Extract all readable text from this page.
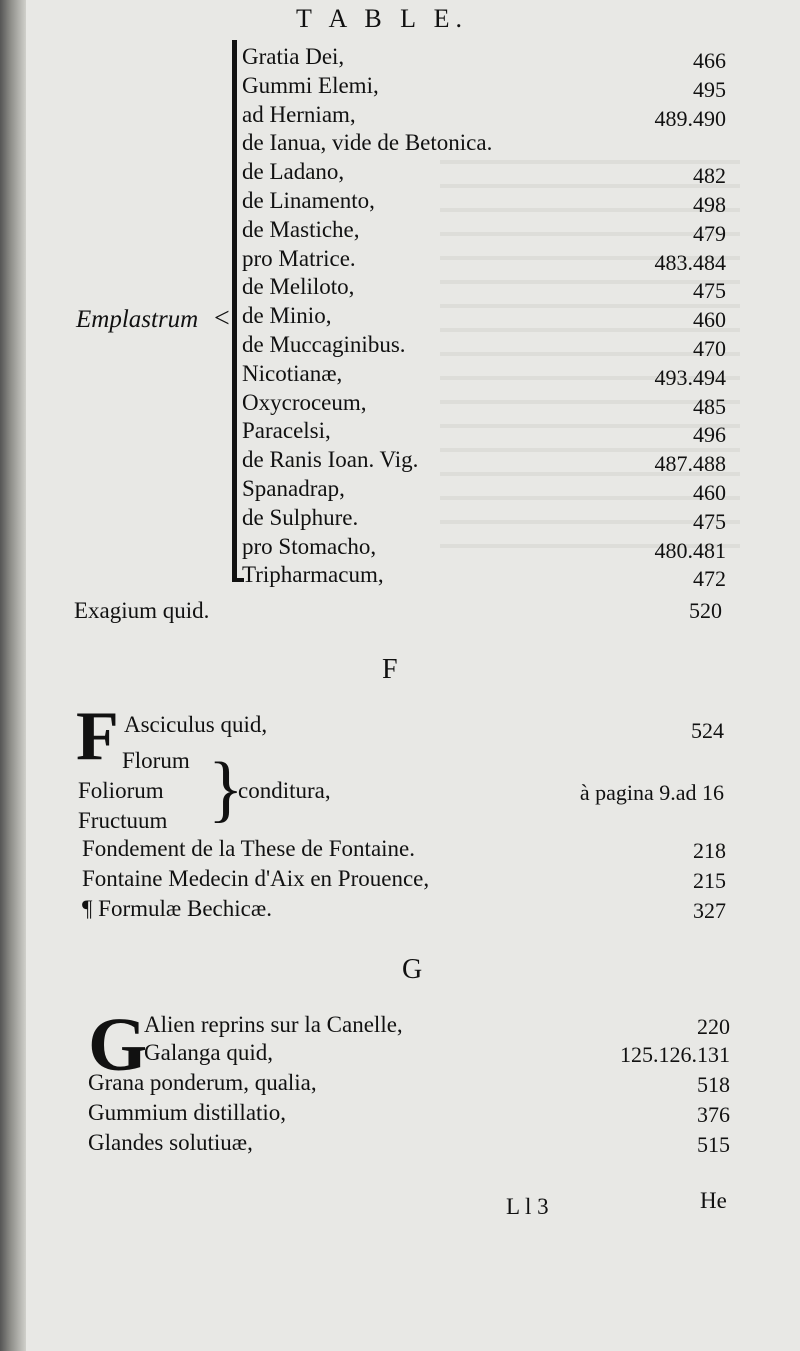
T A B L E.
Emplastrum <
Gratia Dei,	466
Gummi Elemi,	495
ad Herniam,	489.490
de Ianua, vide de Betonica.
de Ladano,	482
de Linamento,	498
de Mastiche,	479
pro Matrice.	483.484
de Meliloto,	475
de Minio,	460
de Muccaginibus.	470
Nicotianæ,	493.494
Oxycroceum,	485
Paracelsi,	496
de Ranis Ioan. Vig.	487.488
Spanadrap,	460
de Sulphure.	475
pro Stomacho,	480.481
Tripharmacum,	472
Exagium quid.	520
F
F Asciculus quid,	524
Florum
Foliorum
Fructuum }
conditura,	à pagina 9.ad 16
Fondement de la These de Fontaine.	218
Fontaine Medecin d'Aix en Prouence,	215
¶ Formulæ Bechicæ.	327
G
G
Alien reprins sur la Canelle,	220
Galanga quid,	125.126.131
Grana ponderum, qualia,	518
Gummium distillatio,	376
Glandes solutiuæ,	515
L l 3	He
